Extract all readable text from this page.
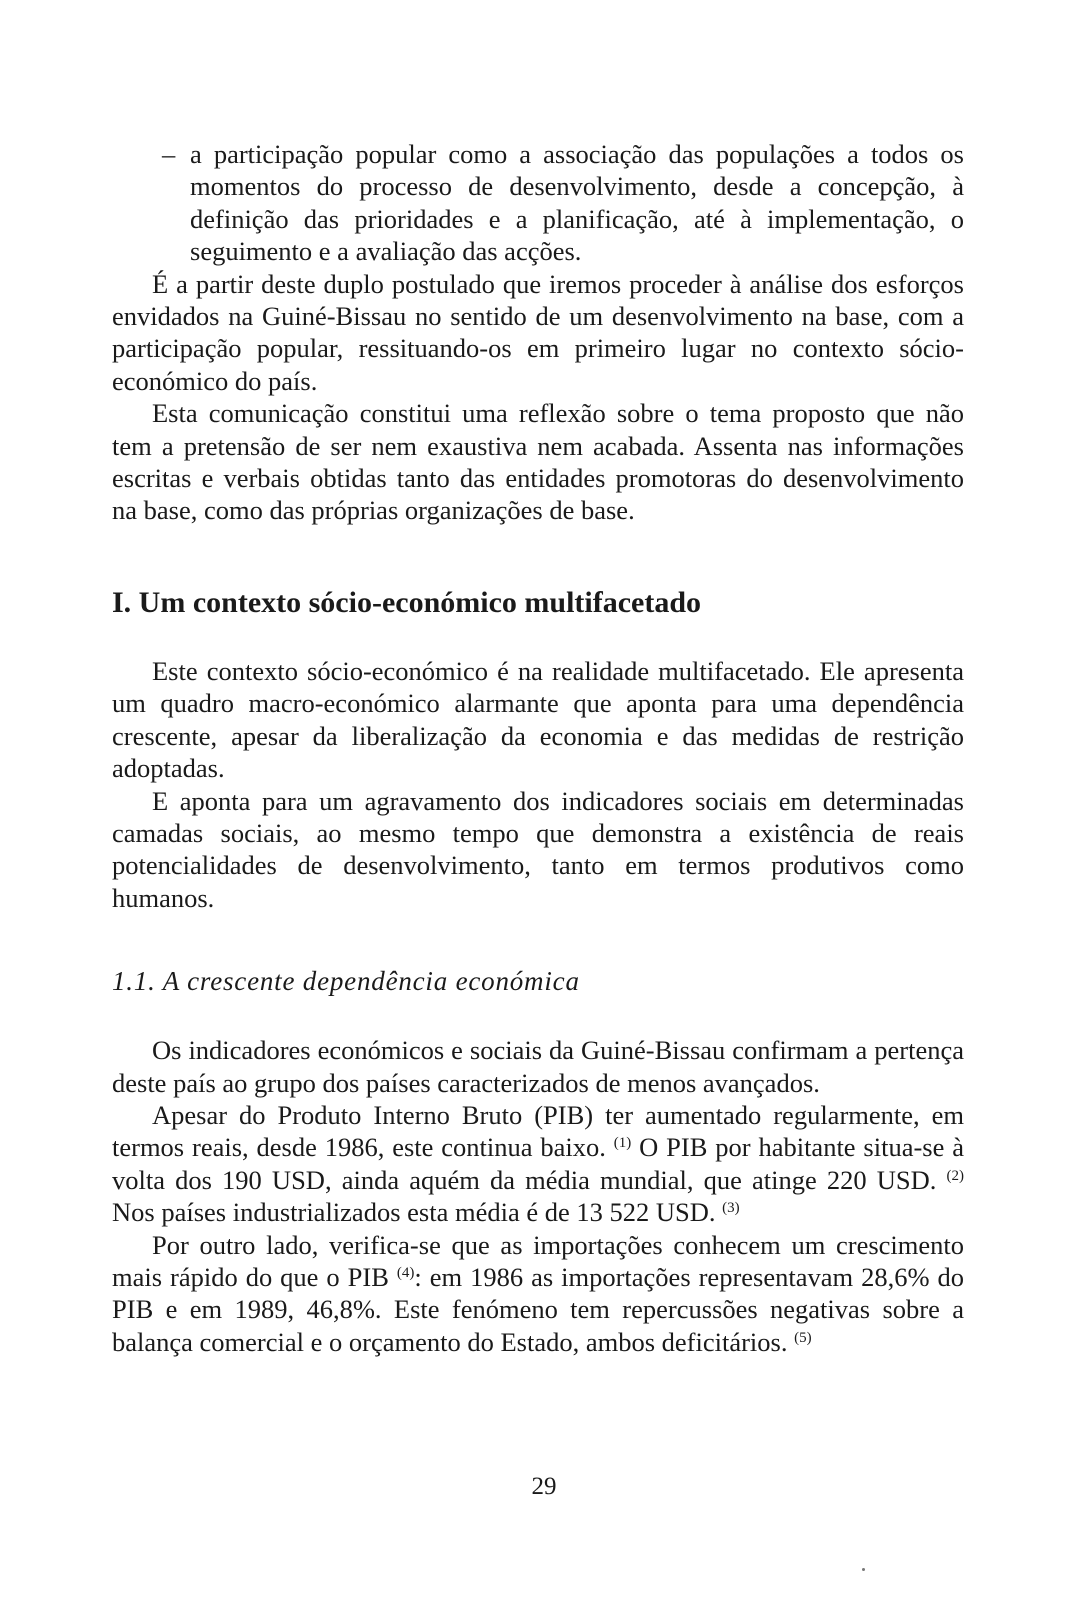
– a participação popular como a associação das populações a todos os momentos do processo de desenvolvimento, desde a concepção, à definição das prioridades e a planificação, até à implementação, o seguimento e a avaliação das acções.

É a partir deste duplo postulado que iremos proceder à análise dos esforços envidados na Guiné-Bissau no sentido de um desenvolvimento na base, com a participação popular, ressituando-os em primeiro lugar no contexto sócio-económico do país.

Esta comunicação constitui uma reflexão sobre o tema proposto que não tem a pretensão de ser nem exaustiva nem acabada. Assenta nas informações escritas e verbais obtidas tanto das entidades promotoras do desenvolvimento na base, como das próprias organizações de base.

I. Um contexto sócio-económico multifacetado

Este contexto sócio-económico é na realidade multifacetado. Ele apresenta um quadro macro-económico alarmante que aponta para uma dependência crescente, apesar da liberalização da economia e das medidas de restrição adoptadas.

E aponta para um agravamento dos indicadores sociais em determinadas camadas sociais, ao mesmo tempo que demonstra a existência de reais potencialidades de desenvolvimento, tanto em termos produtivos como humanos.

1.1. A crescente dependência económica

Os indicadores económicos e sociais da Guiné-Bissau confirmam a pertença deste país ao grupo dos países caracterizados de menos avançados.

Apesar do Produto Interno Bruto (PIB) ter aumentado regularmente, em termos reais, desde 1986, este continua baixo. $^{(1)}$ O PIB por habitante situa-se à volta dos 190 USD, ainda aquém da média mundial, que atinge 220 USD. $^{(2)}$ Nos países industrializados esta média é de 13 522 USD. $^{(3)}$

Por outro lado, verifica-se que as importações conhecem um crescimento mais rápido do que o PIB $^{(4)}$: em 1986 as importações representavam 28,6% do PIB e em 1989, 46,8%. Este fenómeno tem repercussões negativas sobre a balança comercial e o orçamento do Estado, ambos deficitários. $^{(5)}$

29
